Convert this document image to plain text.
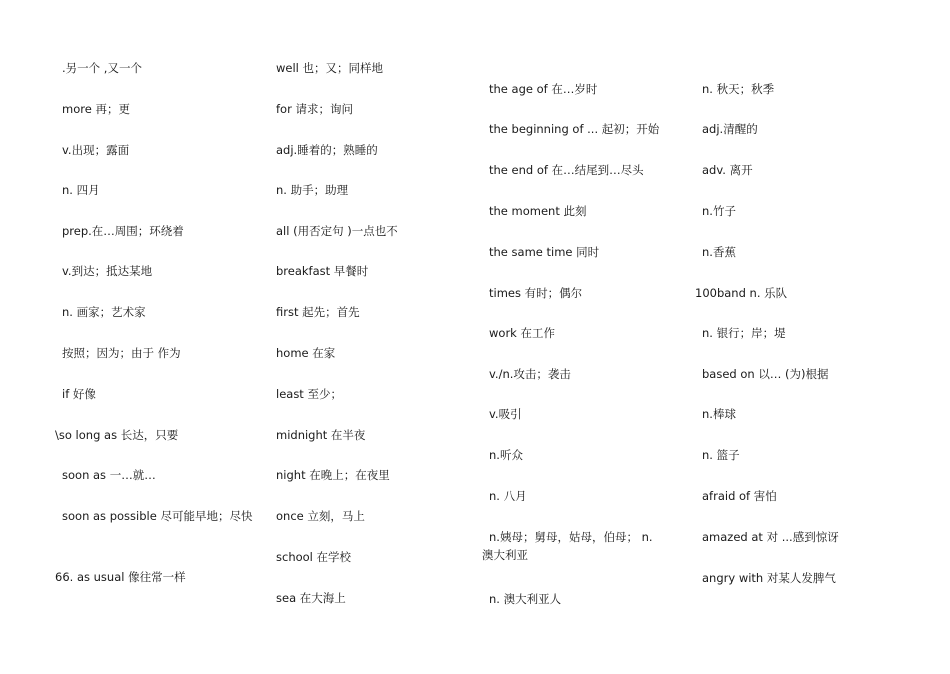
.另一个 ,又一个
more 再；更
v.出现；露面
n. 四月
prep.在…周围；环绕着
v.到达；抵达某地
n. 画家；艺术家
按照；因为；由于 作为
if 好像
\so long as 长达，只要
soon as 一…就…
soon as possible 尽可能早地；尽快
66. as usual 像往常一样
well 也；又；同样地
for 请求；询问
adj.睡着的；熟睡的
n. 助手；助理
all (用否定句 )一点也不
breakfast 早餐时
first 起先；首先
home 在家
least 至少；
midnight 在半夜
night 在晚上；在夜里
once 立刻，马上
school 在学校
sea 在大海上
the age of 在…岁时
the beginning of ... 起初；开始
the end of 在…结尾到…尽头
the moment 此刻
the same time 同时
times 有时；偶尔
work 在工作
v./n.攻击；袭击
v.吸引
n.听众
n. 八月
n.姨母；舅母，姑母，伯母； n.
澳大利亚
n. 澳大利亚人
n. 秋天；秋季
adj.清醒的
adv. 离开
n.竹子
n.香蕉
100band n. 乐队
n. 银行；岸；堤
based on 以… (为)根据
n.棒球
n. 篮子
afraid of 害怕
amazed at 对 ...感到惊讶
angry with 对某人发脾气
